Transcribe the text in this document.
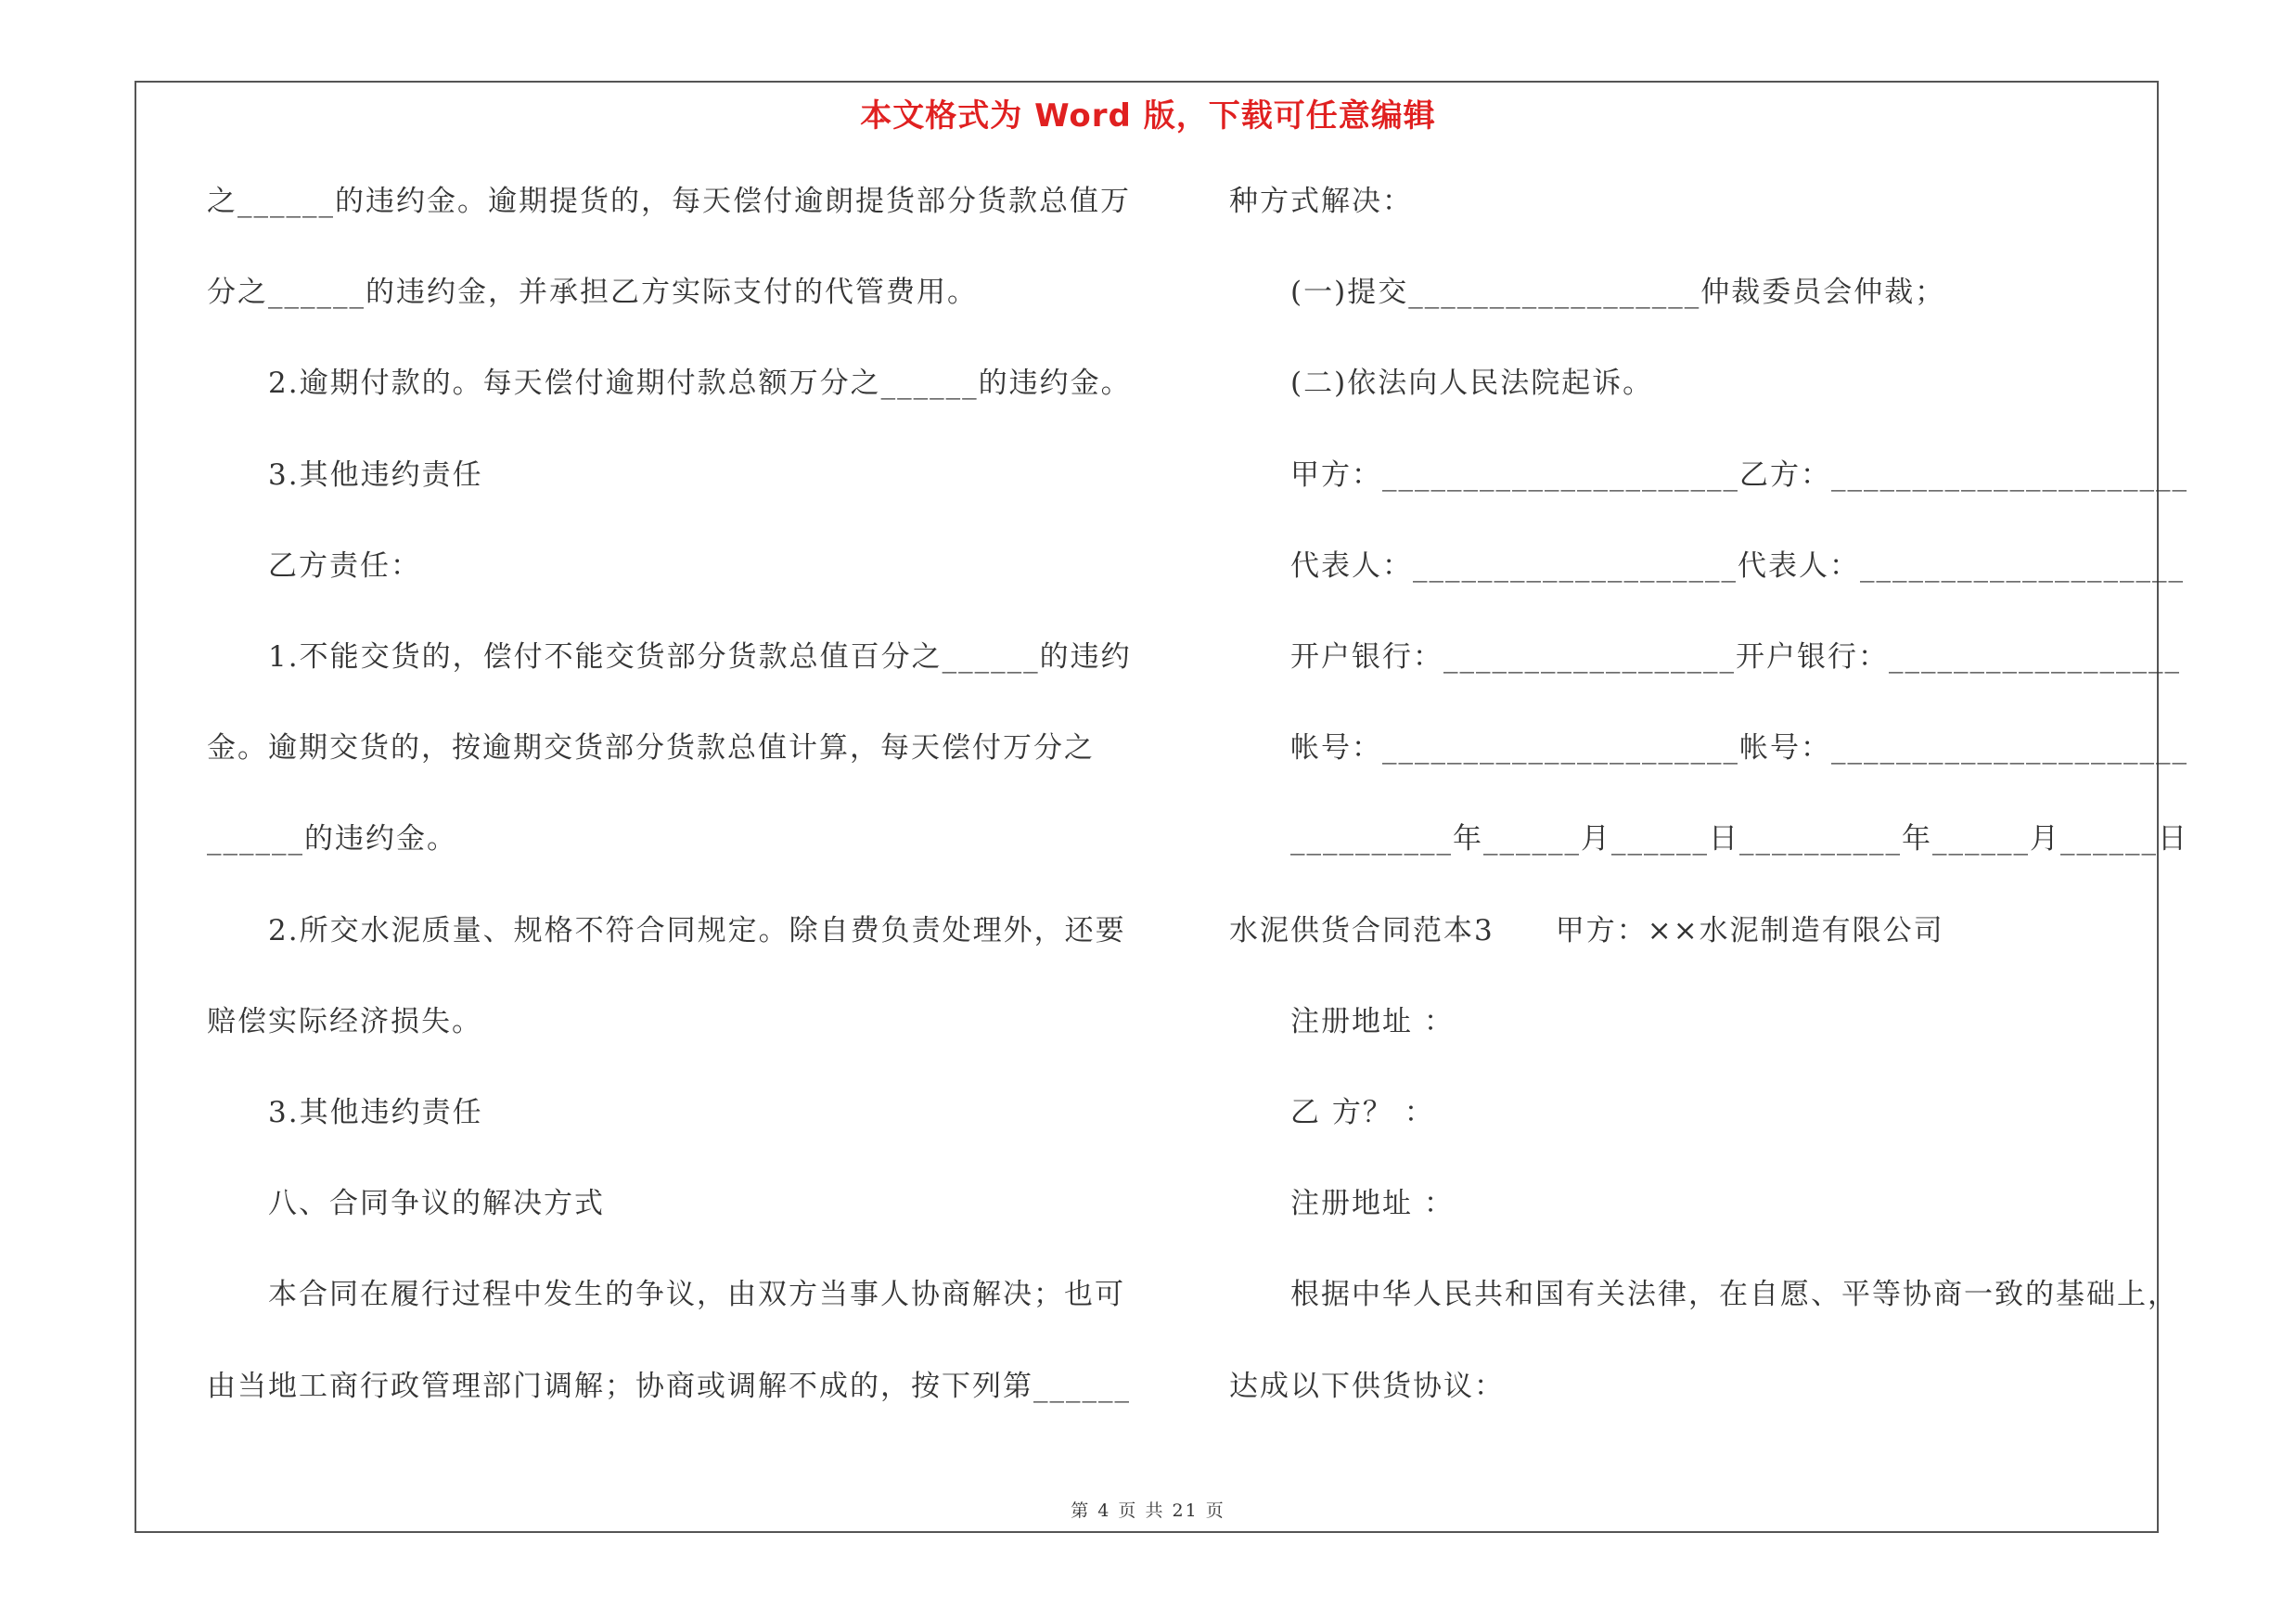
本文格式为 Word 版，下载可任意编辑
之______的违约金。逾期提货的，每天偿付逾朗提货部分货款总值万
分之______的违约金，并承担乙方实际支付的代管费用。
2.逾期付款的。每天偿付逾期付款总额万分之______的违约金。
3.其他违约责任
乙方责任：
1.不能交货的，偿付不能交货部分货款总值百分之______的违约
金。逾期交货的，按逾期交货部分货款总值计算，每天偿付万分之
______的违约金。
2.所交水泥质量、规格不符合同规定。除自费负责处理外，还要
赔偿实际经济损失。
3.其他违约责任
八、合同争议的解决方式
本合同在履行过程中发生的争议，由双方当事人协商解决；也可
由当地工商行政管理部门调解；协商或调解不成的，按下列第______
种方式解决：
(一)提交__________________仲裁委员会仲裁；
(二)依法向人民法院起诉。
甲方：______________________乙方：______________________
代表人：____________________代表人：____________________
开户银行：__________________开户银行：__________________
帐号：______________________帐号：______________________
__________年______月______日__________年______月______日
水泥供货合同范本3　　甲方：××水泥制造有限公司
注册地址 ：
乙 方？ ：
注册地址 ：
根据中华人民共和国有关法律，在自愿、平等协商一致的基础上，
达成以下供货协议：
第 4 页 共 21 页
